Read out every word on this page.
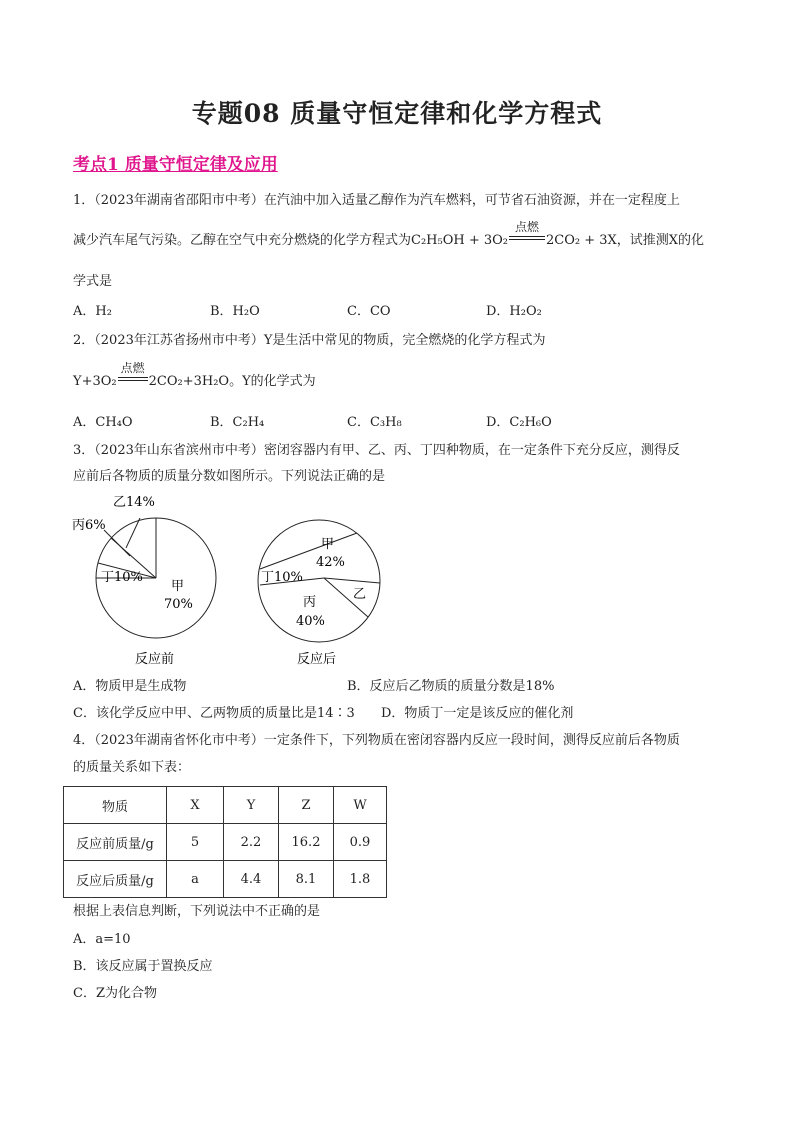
专题08 质量守恒定律和化学方程式
考点1 质量守恒定律及应用
1．（2023年湖南省邵阳市中考）在汽油中加入适量乙醇作为汽车燃料，可节省石油资源，并在一定程度上
减少汽车尾气污染。乙醇在空气中充分燃烧的化学方程式为C₂H₅OH + 3O₂
点燃
2CO₂ + 3X，试推测X的化
学式是
A．H₂	B．H₂O	C．CO	D．H₂O₂
2．（2023年江苏省扬州市中考）Y是生活中常见的物质，完全燃烧的化学方程式为
Y+3O₂
点燃
2CO₂+3H₂O。Y的化学式为
A．CH₄O	B．C₂H₄	C．C₃H₈	D．C₂H₆O
3．（2023年山东省滨州市中考）密闭容器内有甲、乙、丙、丁四种物质，在一定条件下充分反应，测得反
应前后各物质的质量分数如图所示。下列说法正确的是
乙14%
丙6%
丁10%
甲
70%
反应前
甲
42%
丁10%
乙
丙
40%
反应后
A．物质甲是生成物	B．反应后乙物质的质量分数是18%
C．该化学反应中甲、乙两物质的质量比是14∶3 D．物质丁一定是该反应的催化剂
4．（2023年湖南省怀化市中考）一定条件下，下列物质在密闭容器内反应一段时间，测得反应前后各物质
的质量关系如下表：
物质	X	Y	Z	W
反应前质量/g	5	2.2	16.2	0.9
反应后质量/g	a	4.4	8.1	1.8
根据上表信息判断，下列说法中不正确的是
A．a=10
B．该反应属于置换反应
C．Z为化合物
